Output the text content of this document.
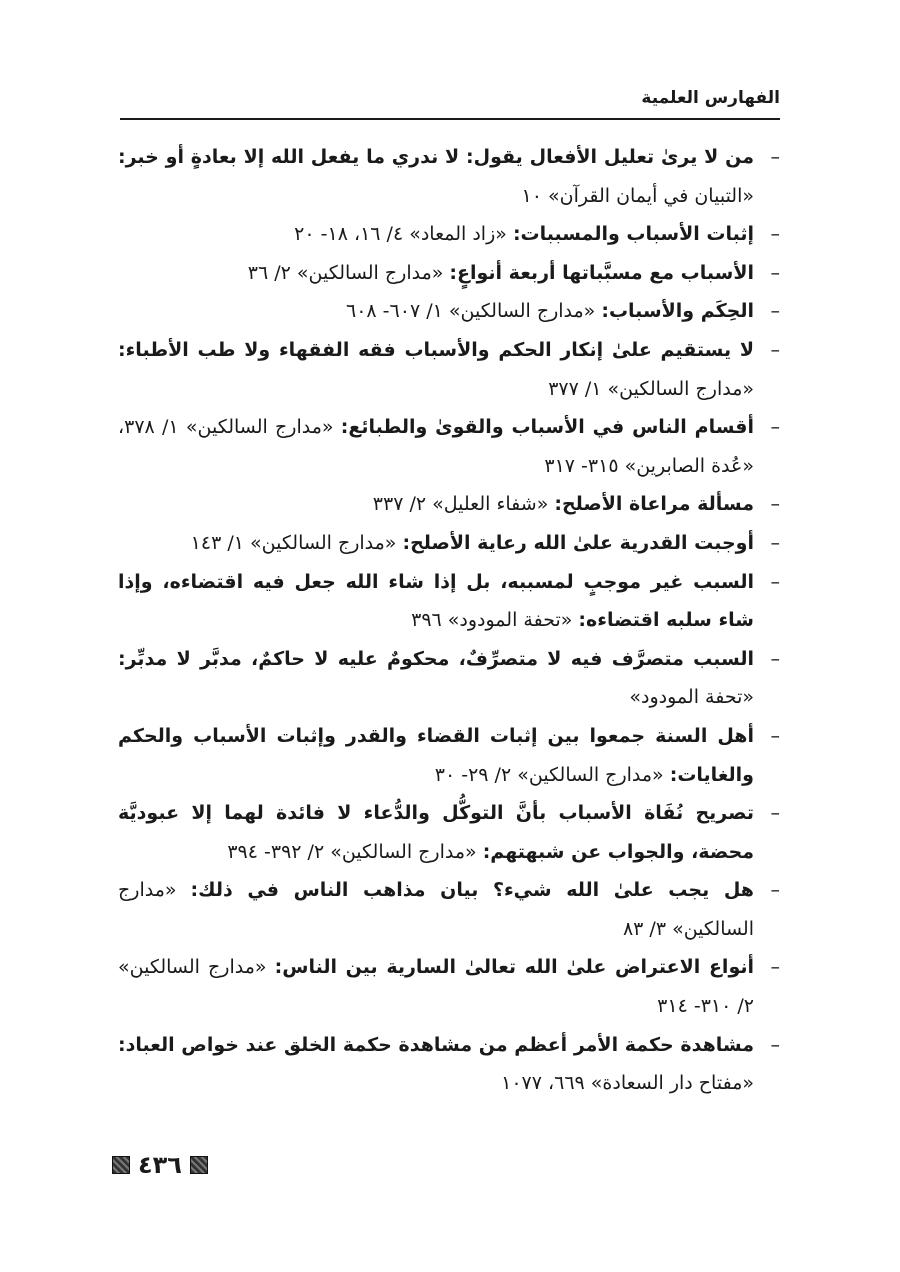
الفهارس العلمية
–
من لا يرىٰ تعليل الأفعال يقول: لا ندري ما يفعل الله إلا بعادةٍ أو خبر: «التبيان في أيمان القرآن» ١٠
–
إثبات الأسباب والمسببات: «زاد المعاد» ٤/ ١٦، ١٨- ٢٠
–
الأسباب مع مسبَّباتها أربعة أنواعٍ: «مدارج السالكين» ٢/ ٣٦
–
الحِكَم والأسباب: «مدارج السالكين» ١/ ٦٠٧- ٦٠٨
–
لا يستقيم علىٰ إنكار الحكم والأسباب فقه الفقهاء ولا طب الأطباء: «مدارج السالكين» ١/ ٣٧٧
–
أقسام الناس في الأسباب والقوىٰ والطبائع: «مدارج السالكين» ١/ ٣٧٨، «عُدة الصابرين» ٣١٥- ٣١٧
–
مسألة مراعاة الأصلح: «شفاء العليل» ٢/ ٣٣٧
–
أوجبت القدرية علىٰ الله رعاية الأصلح: «مدارج السالكين» ١/ ١٤٣
–
السبب غير موجبٍ لمسببه، بل إذا شاء الله جعل فيه اقتضاءه، وإذا شاء سلبه اقتضاءه: «تحفة المودود» ٣٩٦
–
السبب متصرَّف فيه لا متصرِّفٌ، محكومٌ عليه لا حاكمٌ، مدبَّر لا مدبِّر: «تحفة المودود»
–
أهل السنة جمعوا بين إثبات القضاء والقدر وإثبات الأسباب والحكم والغايات: «مدارج السالكين» ٢/ ٢٩- ٣٠
–
تصريح نُفَاة الأسباب بأنَّ التوكُّل والدُّعاء لا فائدة لهما إلا عبوديَّة محضة، والجواب عن شبهتهم: «مدارج السالكين» ٢/ ٣٩٢- ٣٩٤
–
هل يجب علىٰ الله شيء؟ بيان مذاهب الناس في ذلك: «مدارج السالكين» ٣/ ٨٣
–
أنواع الاعتراض علىٰ الله تعالىٰ السارية بين الناس: «مدارج السالكين» ٢/ ٣١٠- ٣١٤
–
مشاهدة حكمة الأمر أعظم من مشاهدة حكمة الخلق عند خواص العباد: «مفتاح دار السعادة» ٦٦٩، ١٠٧٧
٤٣٦
